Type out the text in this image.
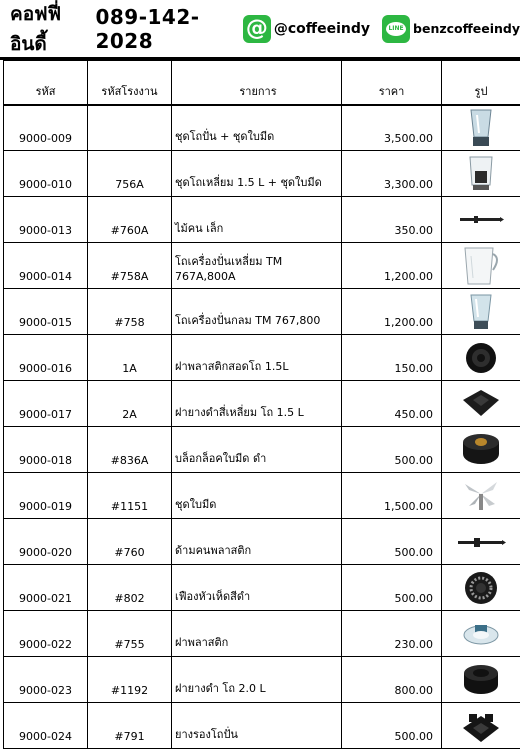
คอฟฟี่อินดี้
089-142-2028	@ @coffeeindy	LINE benzcoffeeindy
รหัส	รหัสโรงงาน	รายการ	ราคา	รูป
9000-009		ชุดโถปั่น + ชุดใบมีด	3,500.00	

9000-010	756A	ชุดโถเหลี่ยม 1.5 L + ชุดใบมีด	3,300.00	

9000-013	#760A	ไม้คน เล็ก	350.00	

9000-014	#758A	โถเครื่องปั่นเหลี่ยม TM 767A,800A	1,200.00	

9000-015	#758	โถเครื่องปั่นกลม TM 767,800	1,200.00	

9000-016	1A	ฝาพลาสติกสอดโถ 1.5L	150.00	

9000-017	2A	ฝายางดำสี่เหลี่ยม โถ 1.5 L	450.00	

9000-018	#836A	บล็อกล็อคใบมีด ดำ	500.00	

9000-019	#1151	ชุดใบมีด	1,500.00	

9000-020	#760	ด้ามคนพลาสติก	500.00	

9000-021	#802	เฟืองหัวเห็ดสีดำ	500.00	

9000-022	#755	ฝาพลาสติก	230.00	

9000-023	#1192	ฝายางดำ โถ 2.0 L	800.00	

9000-024	#791	ยางรองโถปั่น	500.00	
